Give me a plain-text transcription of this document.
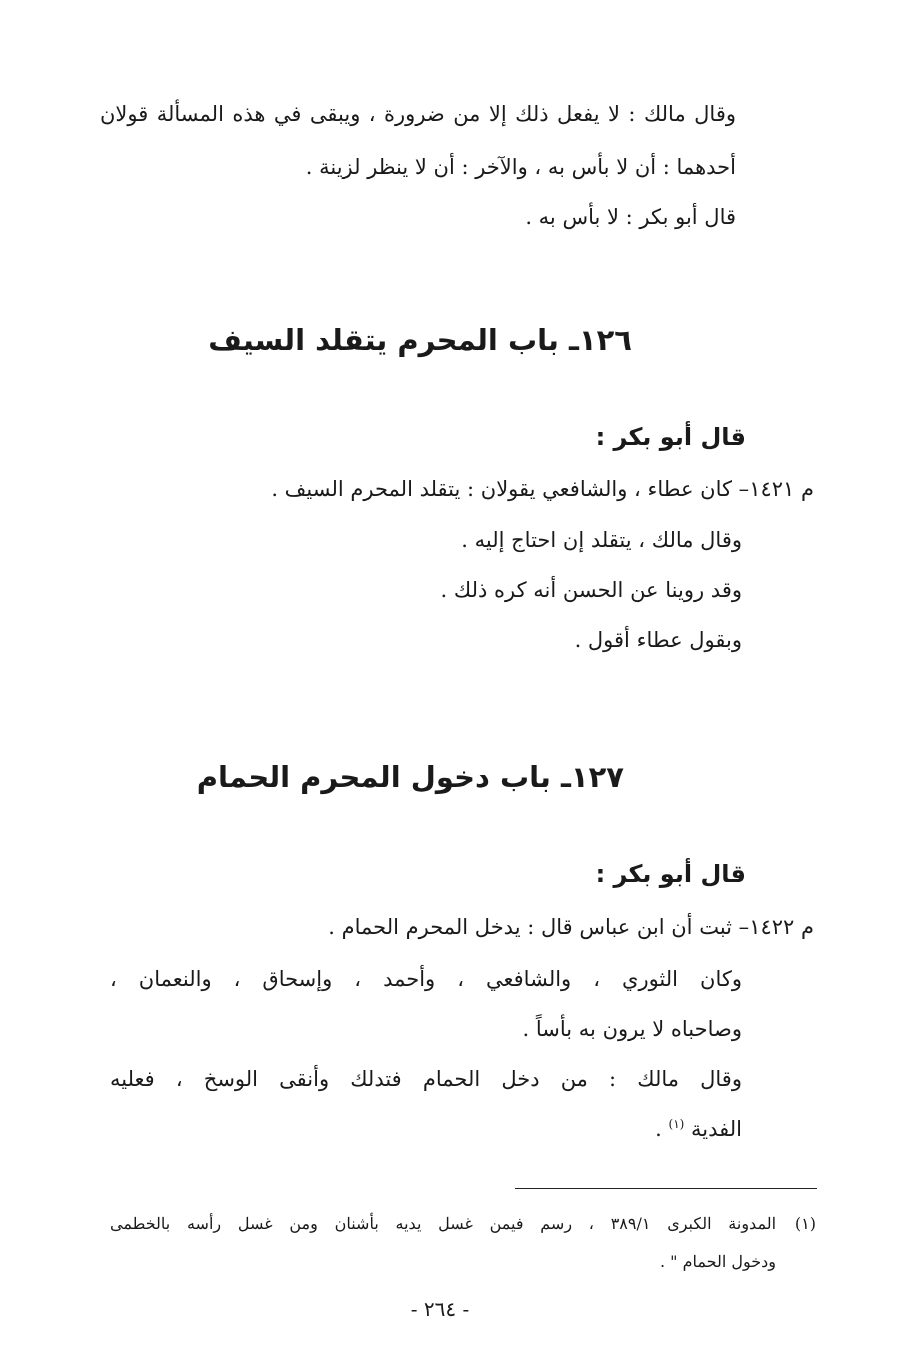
وقال مالك : لا يفعل ذلك إلا من ضرورة ، ويبقى في هذه المسألة قولان
أحدهما : أن لا بأس به ، والآخر : أن لا ينظر لزينة .
قال أبو بكر : لا بأس به .
١٢٦ـ باب المحرم يتقلد السيف
قال أبو بكر :
م ١٤٢١– كان عطاء ، والشافعي يقولان : يتقلد المحرم السيف .
وقال مالك ، يتقلد إن احتاج إليه .
وقد روينا عن الحسن أنه كره ذلك .
وبقول عطاء أقول .
١٢٧ـ باب دخول المحرم الحمام
قال أبو بكر :
م ١٤٢٢– ثبت أن ابن عباس قال : يدخل المحرم الحمام .
وكان الثوري ، والشافعي ، وأحمد ، وإسحاق ، والنعمان ،
وصاحباه لا يرون به بأساً .
وقال مالك : من دخل الحمام فتدلك وأنقى الوسخ ، فعليه
الفدية $^{(١)}$ .
(١)
المدونة الكبرى ٣٨٩/١ ، رسم فيمن غسل يديه بأشنان ومن غسل رأسه بالخطمى
ودخول الحمام " .
- ٢٦٤ -
